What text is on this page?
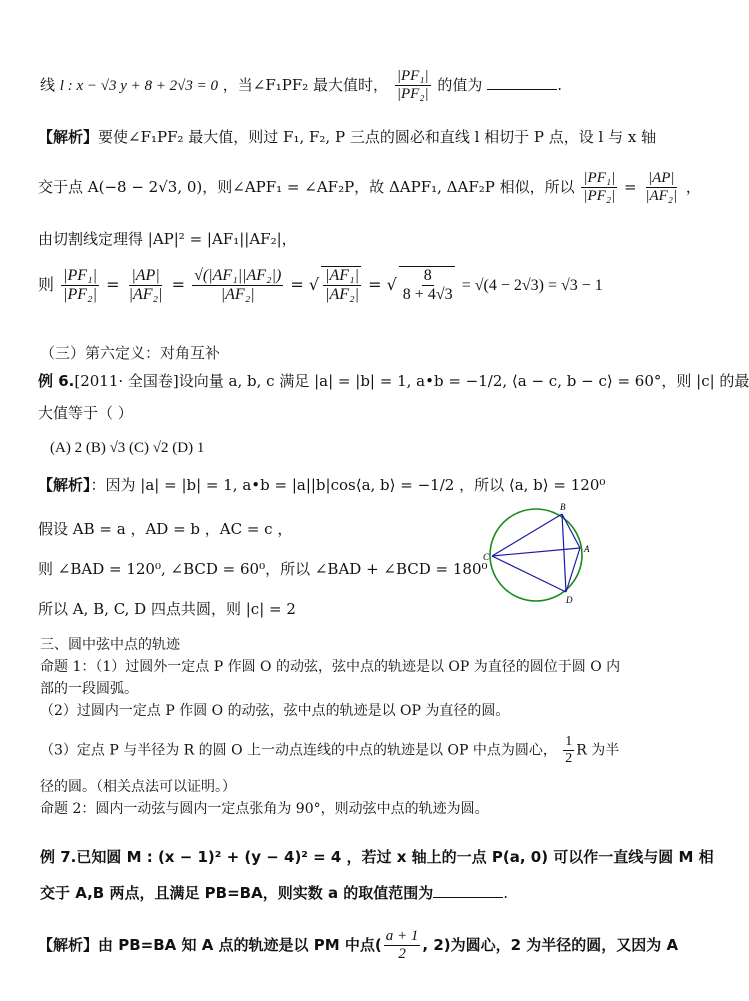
线 l : x − √3 y + 8 + 2√3 = 0 ，当∠F₁PF₂ 最大值时， $\frac{\text{|PF₁|}}{\text{|PF₂|}}$ 的值为	.
【解析】要使∠F₁PF₂ 最大值，则过 F₁, F₂, P 三点的圆必和直线 l 相切于 P 点，设 l 与 x 轴
交于点 A(−8 − 2√3, 0)，则∠APF₁ = ∠AF₂P，故 ΔAPF₁, ΔAF₂P 相似，所以 $\frac{\text{|PF₁|}}{\text{|PF₂|}} = \frac{|AP|}{\text{|AF₂|}}$ ，
由切割线定理得 |AP|² = |AF₁||AF₂|，
则 $\frac{\text{|PF₁|}}{\text{|PF₂|}} = \frac{|AP|}{\text{|AF₂|}} = \frac{\text{√(|AF₁||AF₂|)}}{\text{|AF₂|}}$ = √ $\frac{\text{|AF₁|}}{\text{|AF₂|}}$ = √ $\frac{8}{8 + 4√3} = √(4 - 2√3) = √3 - 1$
（三）第六定义：对角互补
例 6.[2011· 全国卷]设向量 a, b, c 满足 |a| = |b| = 1, a•b = −1/2, ⟨a − c, b − c⟩ = 60°，则 |c| 的最
大值等于（ ）
(A) 2 (B) √3 (C) √2 (D) 1
【解析】：因为 |a| = |b| = 1, a•b = |a||b|cos⟨a, b⟩ = −1/2 ，所以 ⟨a, b⟩ = 120⁰
假设 AB = a ，AD = b ，AC = c ，
则 ∠BAD = 120⁰, ∠BCD = 60⁰，所以 ∠BAD + ∠BCD = 180⁰
所以 A, B, C, D 四点共圆，则 |c| = 2
C
B
A
D
三、圆中弦中点的轨迹
命题 1：（1）过圆外一定点 P 作圆 O 的动弦，弦中点的轨迹是以 OP 为直径的圆位于圆 O 内
部的一段圆弧。
（2）过圆内一定点 P 作圆 O 的动弦，弦中点的轨迹是以 OP 为直径的圆。
（3）定点 P 与半径为 R 的圆 O 上一动点连线的中点的轨迹是以 OP 中点为圆心， $\frac{1}{2}$ R 为半
径的圆。（相关点法可以证明。）
命题 2：圆内一动弦与圆内一定点张角为 90°，则动弦中点的轨迹为圆。
例 7.已知圆 M : (x − 1)² + (y − 4)² = 4 ，若过 x 轴上的一点 P(a, 0) 可以作一直线与圆 M 相
交于 A,B 两点，且满足 PB=BA，则实数 a 的取值范围为	.
【解析】由 PB=BA 知 A 点的轨迹是以 PM 中点( $\frac{a + 1}{2}$ , 2)为圆心，2 为半径的圆，又因为 A
